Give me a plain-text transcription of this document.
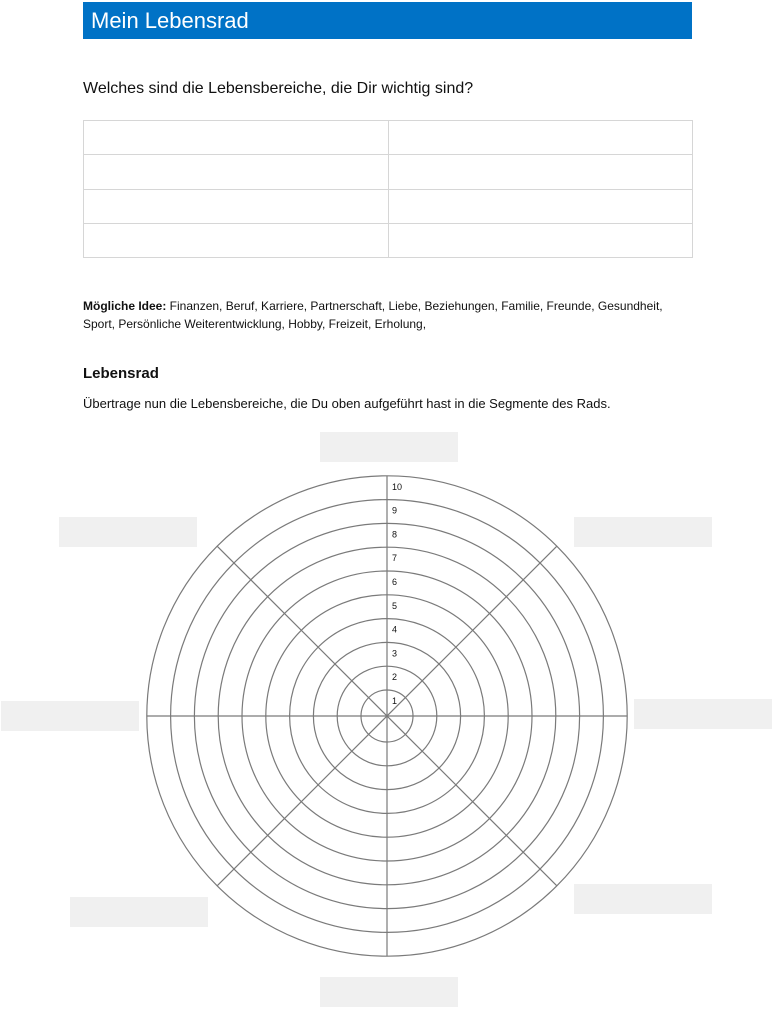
Mein Lebensrad
Welches sind die Lebensbereiche, die Dir wichtig sind?

Mögliche Idee: Finanzen, Beruf, Karriere, Partnerschaft, Liebe, Beziehungen, Familie, Freunde, Gesundheit, Sport, Persönliche Weiterentwicklung, Hobby, Freizeit, Erholung,
Lebensrad
Übertrage nun die Lebensbereiche, die Du oben aufgeführt hast in die Segmente des Rads.
1
2
3
4
5
6
7
8
9
10
